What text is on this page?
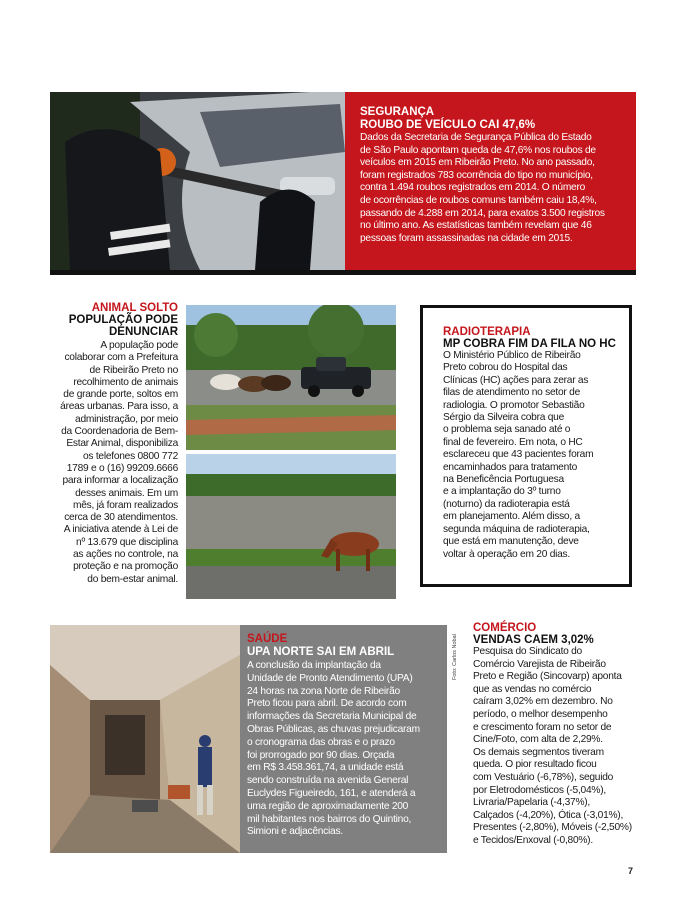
SEGURANÇA
ROUBO DE VEÍCULO CAI 47,6%
Dados da Secretaria de Segurança Pública do Estado
de São Paulo apontam queda de 47,6% nos roubos de
veículos em 2015 em Ribeirão Preto. No ano passado,
foram registrados 783 ocorrência do tipo no município,
contra 1.494 roubos registrados em 2014. O número
de ocorrências de roubos comuns também caiu 18,4%,
passando de 4.288 em 2014, para exatos 3.500 registros
no último ano. As estatísticas também revelam que 46
pessoas foram assassinadas na cidade em 2015.
ANIMAL SOLTO
POPULAÇÃO PODE
DENUNCIAR
A população pode
colaborar com a Prefeitura
de Ribeirão Preto no
recolhimento de animais
de grande porte, soltos em
áreas urbanas. Para isso, a
administração, por meio
da Coordenadoria de Bem-
Estar Animal, disponibiliza
os telefones 0800 772
1789 e o (16) 99209.6666
para informar a localização
desses animais. Em um
mês, já foram realizados
cerca de 30 atendimentos.
A iniciativa atende à Lei de
nº 13.679 que disciplina
as ações no controle, na
proteção e na promoção
do bem-estar animal.
RADIOTERAPIA
MP COBRA FIM DA FILA NO HC
O Ministério Público de Ribeirão
Preto cobrou do Hospital das
Clínicas (HC) ações para zerar as
filas de atendimento no setor de
radiologia. O promotor Sebastião
Sérgio da Silveira cobra que
o problema seja sanado até o
final de fevereiro. Em nota, o HC
esclareceu que 43 pacientes foram
encaminhados para tratamento
na Beneficência Portuguesa
e a implantação do 3º turno
(noturno) da radioterapia está
em planejamento. Além disso, a
segunda máquina de radioterapia,
que está em manutenção, deve
voltar à operação em 20 dias.
SAÚDE
UPA NORTE SAI EM ABRIL
A conclusão da implantação da
Unidade de Pronto Atendimento (UPA)
24 horas na zona Norte de Ribeirão
Preto ficou para abril. De acordo com
informações da Secretaria Municipal de
Obras Públicas, as chuvas prejudicaram
o cronograma das obras e o prazo
foi prorrogado por 90 dias. Orçada
em R$ 3.458.361,74, a unidade está
sendo construída na avenida General
Euclydes Figueiredo, 161, e atenderá a
uma região de aproximadamente 200
mil habitantes nos bairros do Quintino,
Simioni e adjacências.
Foto: Carlos Nobal
COMÉRCIO
VENDAS CAEM 3,02%
Pesquisa do Sindicato do
Comércio Varejista de Ribeirão
Preto e Região (Sincovarp) aponta
que as vendas no comércio
caíram 3,02% em dezembro. No
período, o melhor desempenho
e crescimento foram no setor de
Cine/Foto, com alta de 2,29%.
Os demais segmentos tiveram
queda. O pior resultado ficou
com Vestuário (-6,78%), seguido
por Eletrodomésticos (-5,04%),
Livraria/Papelaria (-4,37%),
Calçados (-4,20%), Ótica (-3,01%),
Presentes (-2,80%), Móveis (-2,50%)
e Tecidos/Enxoval (-0,80%).
7
